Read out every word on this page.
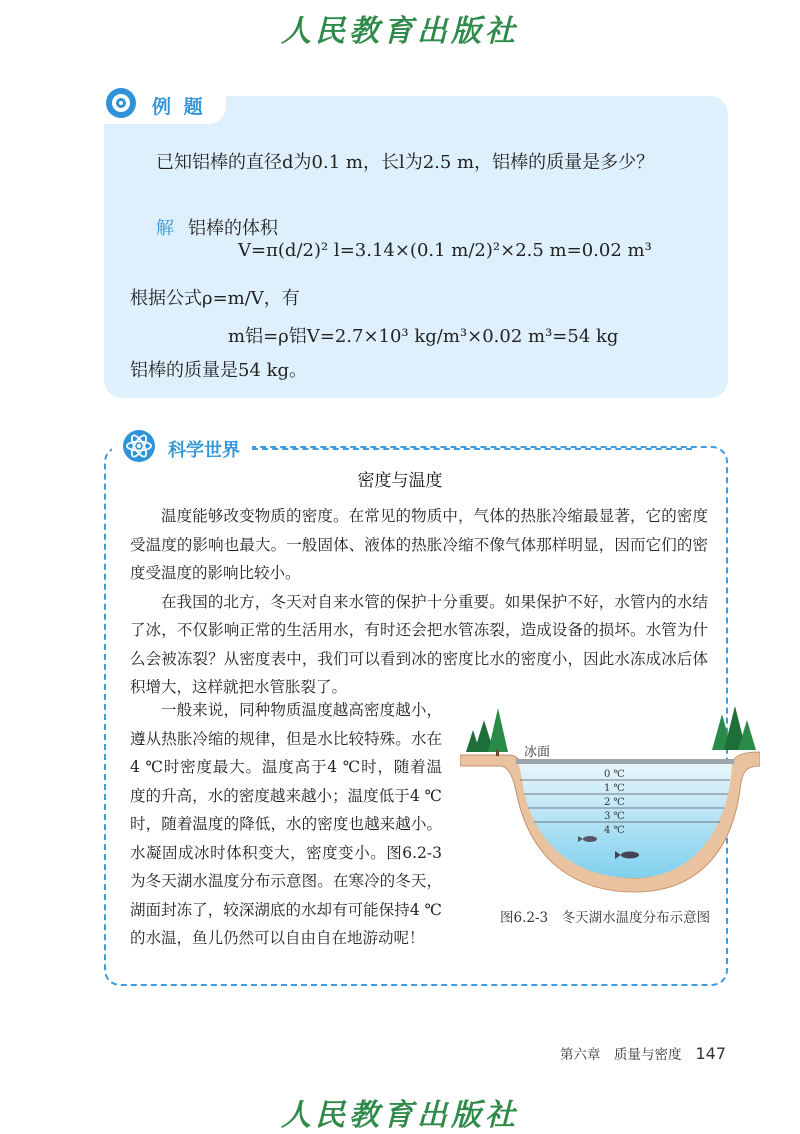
人民教育出版社
例 题
已知铝棒的直径d为0.1 m，长l为2.5 m，铝棒的质量是多少？
解 铝棒的体积
V=π(d/2)² l=3.14×(0.1 m/2)²×2.5 m=0.02 m³
根据公式ρ=m/V，有
m铝=ρ铝V=2.7×10³ kg/m³×0.02 m³=54 kg
铝棒的质量是54 kg。
科学世界
密度与温度

温度能够改变物质的密度。在常见的物质中，气体的热胀冷缩最显著，它的密度受温度的影响也最大。一般固体、液体的热胀冷缩不像气体那样明显，因而它们的密度受温度的影响比较小。

在我国的北方，冬天对自来水管的保护十分重要。如果保护不好，水管内的水结了冰，不仅影响正常的生活用水，有时还会把水管冻裂，造成设备的损坏。水管为什么会被冻裂？从密度表中，我们可以看到冰的密度比水的密度小，因此水冻成冰后体积增大，这样就把水管胀裂了。

一般来说，同种物质温度越高密度越小，遵从热胀冷缩的规律，但是水比较特殊。水在4 ℃时密度最大。温度高于4 ℃时，随着温度的升高，水的密度越来越小；温度低于4 ℃时，随着温度的降低，水的密度也越来越小。水凝固成冰时体积变大，密度变小。图6.2-3为冬天湖水温度分布示意图。在寒冷的冬天，湖面封冻了，较深湖底的水却有可能保持4 ℃的水温，鱼儿仍然可以自由自在地游动呢！

冰面
0 ℃
1 ℃
2 ℃
3 ℃
4 ℃
图6.2-3　冬天湖水温度分布示意图
第六章　质量与密度 147
人民教育出版社
